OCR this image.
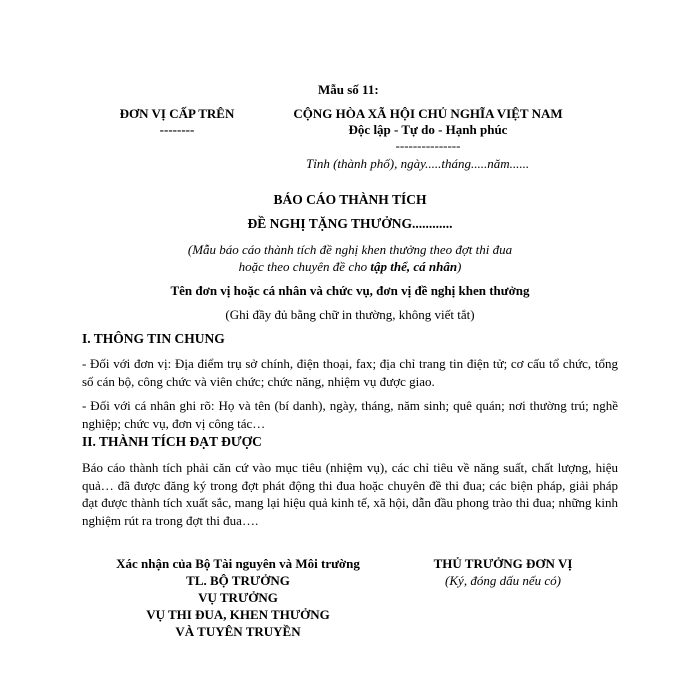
Mẫu số 11:
ĐƠN VỊ CẤP TRÊN
--------
CỘNG HÒA XÃ HỘI CHỦ NGHĨA VIỆT NAM
Độc lập - Tự do - Hạnh phúc
---------------
Tỉnh (thành phố), ngày.....tháng.....năm......
BÁO CÁO THÀNH TÍCH
ĐỀ NGHỊ TẶNG THƯỞNG............
(Mẫu báo cáo thành tích đề nghị khen thưởng theo đợt thi đua
hoặc theo chuyên đề cho tập thể, cá nhân)
Tên đơn vị hoặc cá nhân và chức vụ, đơn vị đề nghị khen thưởng
(Ghi đầy đủ bằng chữ in thường, không viết tắt)
I. THÔNG TIN CHUNG
- Đối với đơn vị: Địa điểm trụ sở chính, điện thoại, fax; địa chỉ trang tin điện tử; cơ cấu tổ chức, tổng số cán bộ, công chức và viên chức; chức năng, nhiệm vụ được giao.
- Đối với cá nhân ghi rõ: Họ và tên (bí danh), ngày, tháng, năm sinh; quê quán; nơi thường trú; nghề nghiệp; chức vụ, đơn vị công tác…
II. THÀNH TÍCH ĐẠT ĐƯỢC
Báo cáo thành tích phải căn cứ vào mục tiêu (nhiệm vụ), các chỉ tiêu về năng suất, chất lượng, hiệu quả… đã được đăng ký trong đợt phát động thi đua hoặc chuyên đề thi đua; các biện pháp, giải pháp đạt được thành tích xuất sắc, mang lại hiệu quả kinh tế, xã hội, dẫn đầu phong trào thi đua; những kinh nghiệm rút ra trong đợt thi đua….
Xác nhận của Bộ Tài nguyên và Môi trường
TL. BỘ TRƯỞNG
VỤ TRƯỞNG
VỤ THI ĐUA, KHEN THƯỞNG
VÀ TUYÊN TRUYỀN
THỦ TRƯỞNG ĐƠN VỊ
(Ký, đóng dấu nếu có)
